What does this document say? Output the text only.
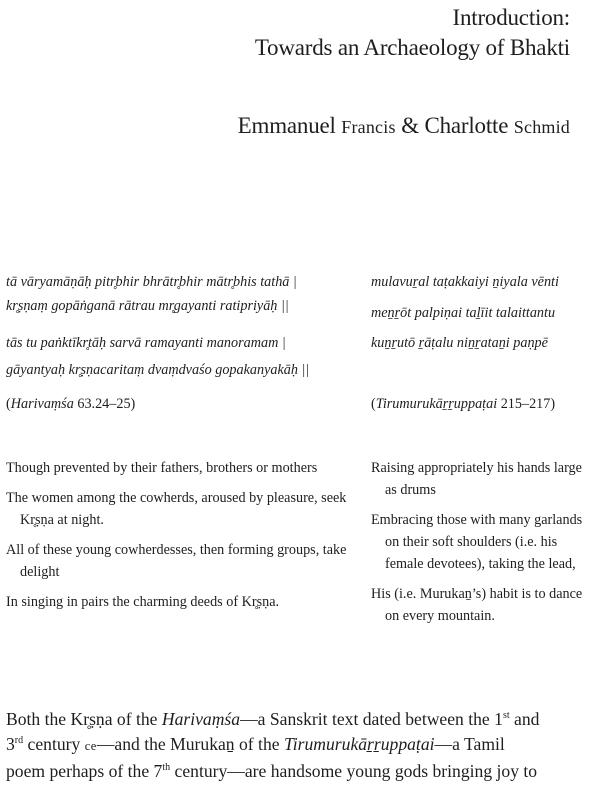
Introduction:
Towards an Archaeology of Bhakti
Emmanuel Francis & Charlotte Schmid
tā vāryamāṇāḥ pitr̥bhir bhrātr̥bhir mātr̥bhis tathā |
kr̥ṣṇaṃ gopāṅganā rātrau mr̥gayanti ratipriyāḥ ||
tās tu paṅktīkr̥tāḥ sarvā ramayanti manoramam |
gāyantyaḥ kr̥ṣṇacaritaṃ dvaṃdvaśo gopakanyakāḥ ||
(Harivaṃśa 63.24–25)
mulavuṟal taṭakkaiyi ṉiyala vēnti
meṉṟōt palpiṇai taḻīit talaittantu
kuṉṟutō ṟāṭalu niṉṟataṉi paṇpē
(Tirumurukāṟṟuppaṭai 215–217)
Though prevented by their fathers, brothers or mothers
The women among the cowherds, aroused by pleasure, seek Kr̥ṣṇa at night.
All of these young cowherdesses, then forming groups, take delight
In singing in pairs the charming deeds of Kr̥ṣṇa.
Raising appropriately his hands large as drums
Embracing those with many garlands on their soft shoulders (i.e. his female devotees), taking the lead,
His (i.e. Murukaṉ’s) habit is to dance on every mountain.
Both the Kr̥ṣṇa of the Harivaṃśa—a Sanskrit text dated between the 1st and
3rd century ce—and the Murukaṉ of the Tirumurukāṟṟuppaṭai—a Tamil
poem perhaps of the 7th century—are handsome young gods bringing joy to
